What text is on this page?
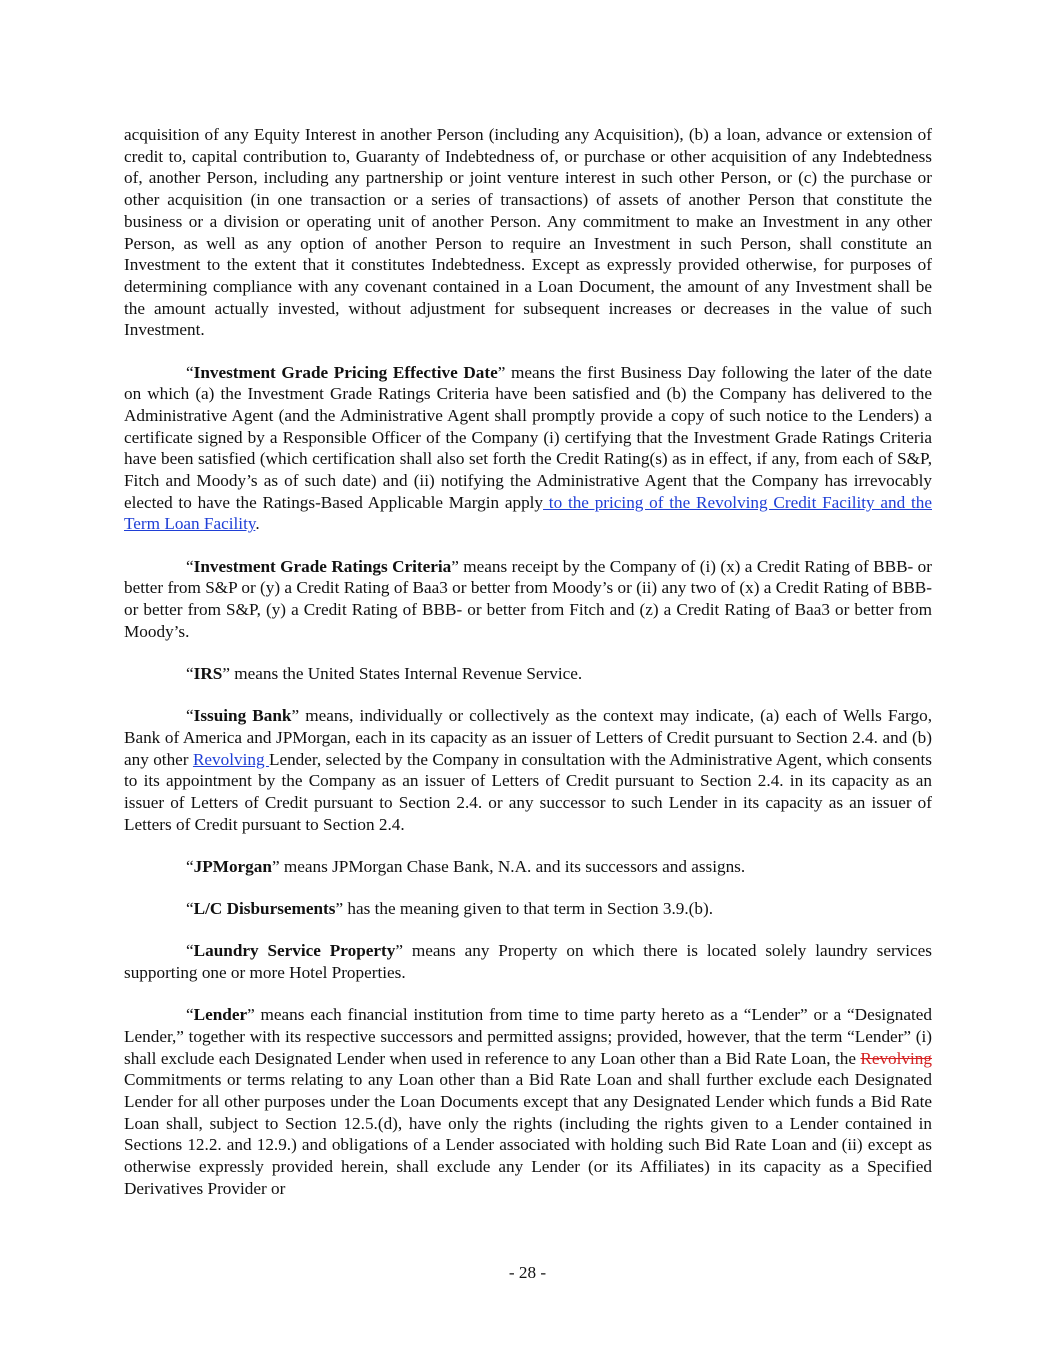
acquisition of any Equity Interest in another Person (including any Acquisition), (b) a loan, advance or extension of credit to, capital contribution to, Guaranty of Indebtedness of, or purchase or other acquisition of any Indebtedness of, another Person, including any partnership or joint venture interest in such other Person, or (c) the purchase or other acquisition (in one transaction or a series of transactions) of assets of another Person that constitute the business or a division or operating unit of another Person. Any commitment to make an Investment in any other Person, as well as any option of another Person to require an Investment in such Person, shall constitute an Investment to the extent that it constitutes Indebtedness. Except as expressly provided otherwise, for purposes of determining compliance with any covenant contained in a Loan Document, the amount of any Investment shall be the amount actually invested, without adjustment for subsequent increases or decreases in the value of such Investment.

“Investment Grade Pricing Effective Date” means the first Business Day following the later of the date on which (a) the Investment Grade Ratings Criteria have been satisfied and (b) the Company has delivered to the Administrative Agent (and the Administrative Agent shall promptly provide a copy of such notice to the Lenders) a certificate signed by a Responsible Officer of the Company (i) certifying that the Investment Grade Ratings Criteria have been satisfied (which certification shall also set forth the Credit Rating(s) as in effect, if any, from each of S&P, Fitch and Moody’s as of such date) and (ii) notifying the Administrative Agent that the Company has irrevocably elected to have the Ratings-Based Applicable Margin apply to the pricing of the Revolving Credit Facility and the Term Loan Facility.

“Investment Grade Ratings Criteria” means receipt by the Company of (i) (x) a Credit Rating of BBB- or better from S&P or (y) a Credit Rating of Baa3 or better from Moody’s or (ii) any two of (x) a Credit Rating of BBB- or better from S&P, (y) a Credit Rating of BBB- or better from Fitch and (z) a Credit Rating of Baa3 or better from Moody’s.

“IRS” means the United States Internal Revenue Service.

“Issuing Bank” means, individually or collectively as the context may indicate, (a) each of Wells Fargo, Bank of America and JPMorgan, each in its capacity as an issuer of Letters of Credit pursuant to Section 2.4. and (b) any other Revolving Lender, selected by the Company in consultation with the Administrative Agent, which consents to its appointment by the Company as an issuer of Letters of Credit pursuant to Section 2.4. in its capacity as an issuer of Letters of Credit pursuant to Section 2.4. or any successor to such Lender in its capacity as an issuer of Letters of Credit pursuant to Section 2.4.

“JPMorgan” means JPMorgan Chase Bank, N.A. and its successors and assigns.

“L/C Disbursements” has the meaning given to that term in Section 3.9.(b).

“Laundry Service Property” means any Property on which there is located solely laundry services supporting one or more Hotel Properties.

“Lender” means each financial institution from time to time party hereto as a “Lender” or a “Designated Lender,” together with its respective successors and permitted assigns; provided, however, that the term “Lender” (i) shall exclude each Designated Lender when used in reference to any Loan other than a Bid Rate Loan, the Revolving Commitments or terms relating to any Loan other than a Bid Rate Loan and shall further exclude each Designated Lender for all other purposes under the Loan Documents except that any Designated Lender which funds a Bid Rate Loan shall, subject to Section 12.5.(d), have only the rights (including the rights given to a Lender contained in Sections 12.2. and 12.9.) and obligations of a Lender associated with holding such Bid Rate Loan and (ii) except as otherwise expressly provided herein, shall exclude any Lender (or its Affiliates) in its capacity as a Specified Derivatives Provider or

- 28 -
